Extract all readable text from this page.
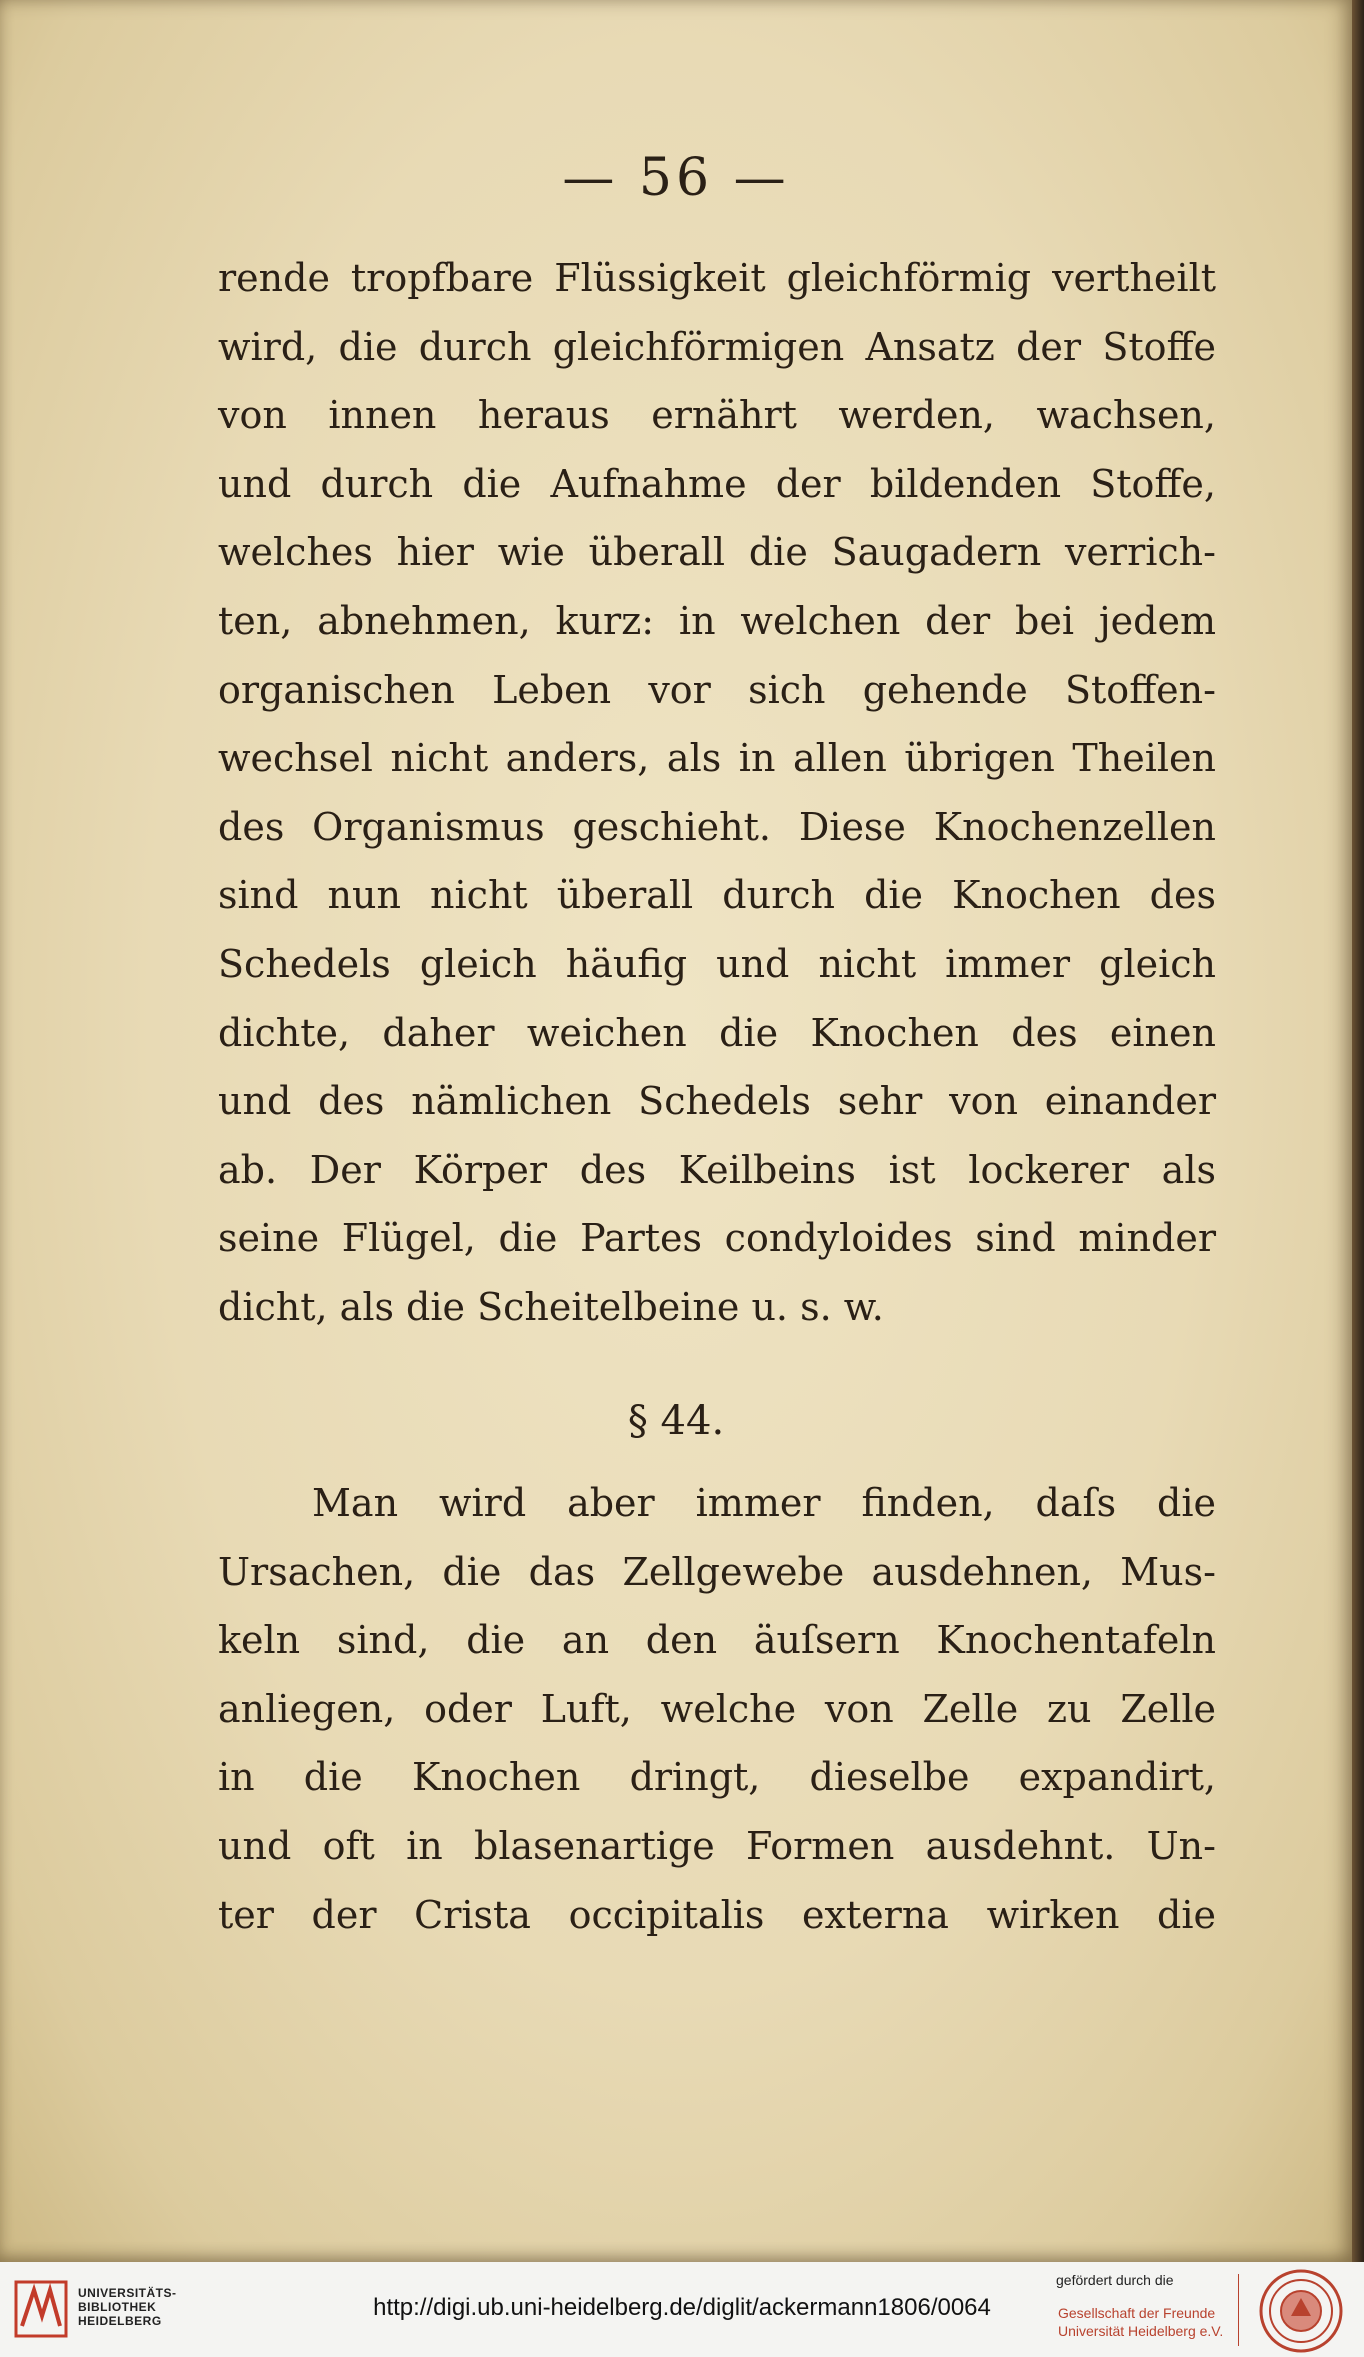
— 56 —
rende tropfbare Flüssigkeit gleichförmig vertheilt
wird, die durch gleichförmigen Ansatz der Stoffe
von innen heraus ernährt werden, wachsen,
und durch die Aufnahme der bildenden Stoffe,
welches hier wie überall die Saugadern verrich-
ten, abnehmen, kurz: in welchen der bei jedem
organischen Leben vor sich gehende Stoffen-
wechsel nicht anders, als in allen übrigen Theilen
des Organismus geschieht. Diese Knochenzellen
sind nun nicht überall durch die Knochen des
Schedels gleich häufig und nicht immer gleich
dichte, daher weichen die Knochen des einen
und des nämlichen Schedels sehr von einander
ab. Der Körper des Keilbeins ist lockerer als
seine Flügel, die Partes condyloides sind minder
dicht, als die Scheitelbeine u. s. w.
§ 44.
Man wird aber immer finden, daſs die
Ursachen, die das Zellgewebe ausdehnen, Mus-
keln sind, die an den äuſsern Knochentafeln
anliegen, oder Luft, welche von Zelle zu Zelle
in die Knochen dringt, dieselbe expandirt,
und oft in blasenartige Formen ausdehnt. Un-
ter der Crista occipitalis externa wirken die
UNIVERSITÄTS-
BIBLIOTHEK
HEIDELBERG	http://digi.ub.uni-heidelberg.de/diglit/ackermann1806/0064
gefördert durch die
Gesellschaft der Freunde
Universität Heidelberg e.V.
